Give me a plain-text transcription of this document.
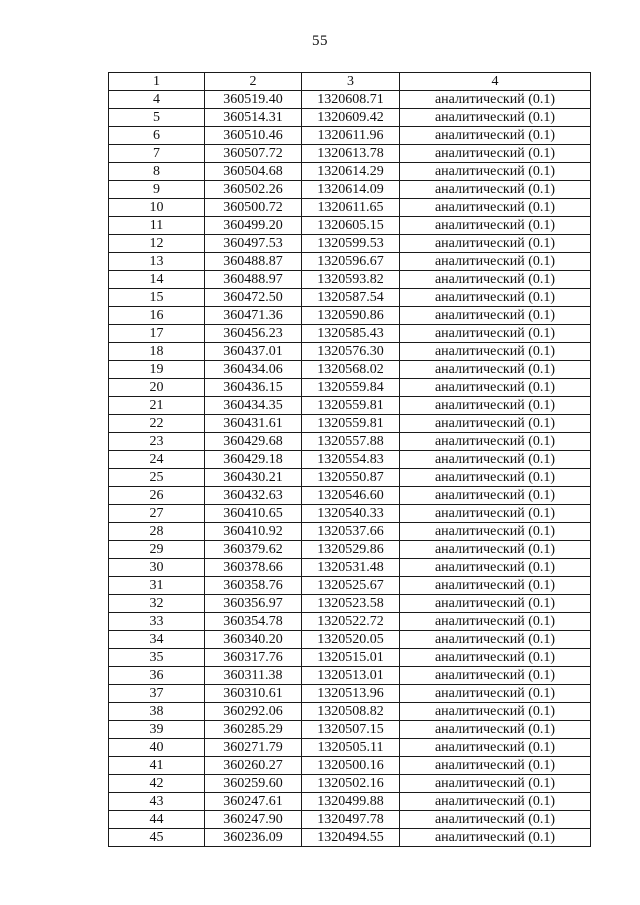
55
1	2	3	4
4	360519.40	1320608.71	аналитический (0.1)
5	360514.31	1320609.42	аналитический (0.1)
6	360510.46	1320611.96	аналитический (0.1)
7	360507.72	1320613.78	аналитический (0.1)
8	360504.68	1320614.29	аналитический (0.1)
9	360502.26	1320614.09	аналитический (0.1)
10	360500.72	1320611.65	аналитический (0.1)
11	360499.20	1320605.15	аналитический (0.1)
12	360497.53	1320599.53	аналитический (0.1)
13	360488.87	1320596.67	аналитический (0.1)
14	360488.97	1320593.82	аналитический (0.1)
15	360472.50	1320587.54	аналитический (0.1)
16	360471.36	1320590.86	аналитический (0.1)
17	360456.23	1320585.43	аналитический (0.1)
18	360437.01	1320576.30	аналитический (0.1)
19	360434.06	1320568.02	аналитический (0.1)
20	360436.15	1320559.84	аналитический (0.1)
21	360434.35	1320559.81	аналитический (0.1)
22	360431.61	1320559.81	аналитический (0.1)
23	360429.68	1320557.88	аналитический (0.1)
24	360429.18	1320554.83	аналитический (0.1)
25	360430.21	1320550.87	аналитический (0.1)
26	360432.63	1320546.60	аналитический (0.1)
27	360410.65	1320540.33	аналитический (0.1)
28	360410.92	1320537.66	аналитический (0.1)
29	360379.62	1320529.86	аналитический (0.1)
30	360378.66	1320531.48	аналитический (0.1)
31	360358.76	1320525.67	аналитический (0.1)
32	360356.97	1320523.58	аналитический (0.1)
33	360354.78	1320522.72	аналитический (0.1)
34	360340.20	1320520.05	аналитический (0.1)
35	360317.76	1320515.01	аналитический (0.1)
36	360311.38	1320513.01	аналитический (0.1)
37	360310.61	1320513.96	аналитический (0.1)
38	360292.06	1320508.82	аналитический (0.1)
39	360285.29	1320507.15	аналитический (0.1)
40	360271.79	1320505.11	аналитический (0.1)
41	360260.27	1320500.16	аналитический (0.1)
42	360259.60	1320502.16	аналитический (0.1)
43	360247.61	1320499.88	аналитический (0.1)
44	360247.90	1320497.78	аналитический (0.1)
45	360236.09	1320494.55	аналитический (0.1)
